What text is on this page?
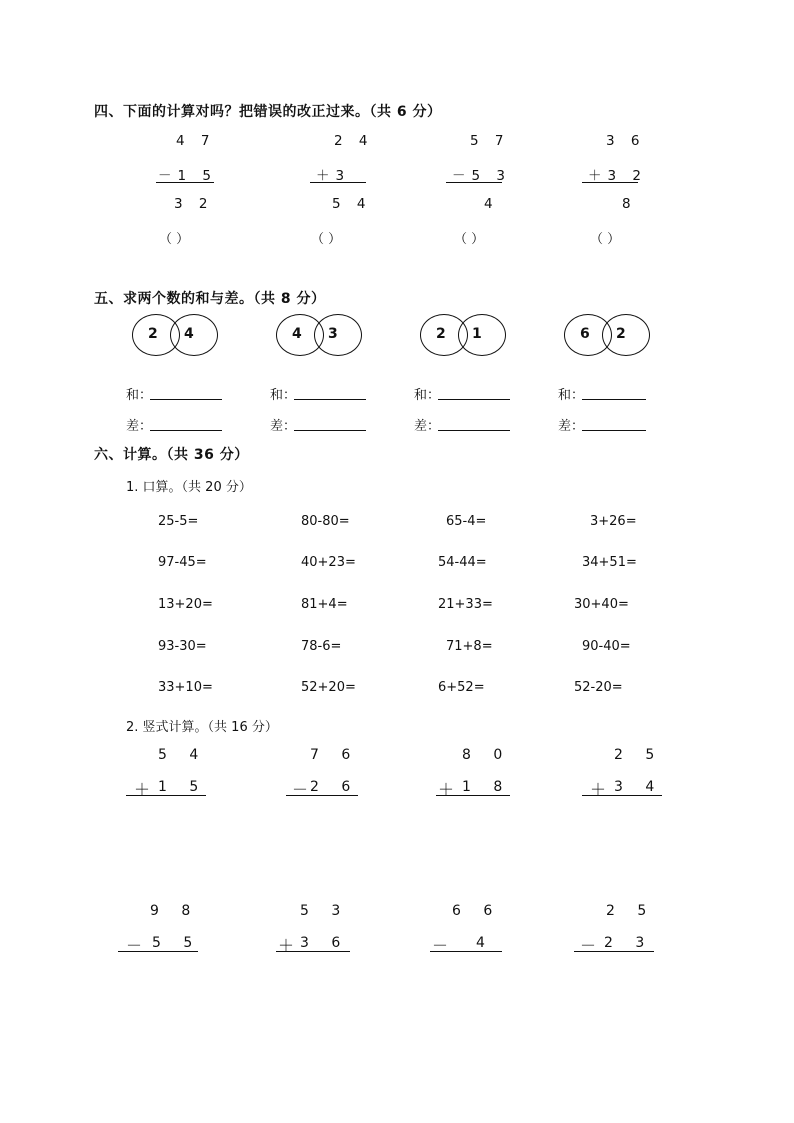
四、下面的计算对吗？把错误的改正过来。（共 6 分）
4 7
－1 5
3 2
（ ）
2 4
＋3
5 4
（ ）
5 7
－5 3
4
（ ）
3 6
＋3 2
8
（ ）
五、求两个数的和与差。（共 8 分）
2 4	4 3	2 1	6 2
和：
差：
和：
差：
和：
差：
和：
差：
六、计算。（共 36 分）
1. 口算。（共 20 分）
25-5=	80-80=	65-4=	3+26=
97-45=	40+23=	54-44=	34+51=
13+20=	81+4=	21+33=	30+40=
93-30=	78-6=	71+8=	90-40=
33+10=	52+20=	6+52=	52-20=
2. 竖式计算。（共 16 分）
5 4
＋ 1 5
7 6
－ 2 6
8 0
＋ 1 8
2 5
＋ 3 4
9 8
－ 5 5
5 3
＋ 3 6
6 6
－ 4
2 5
－ 2 3
